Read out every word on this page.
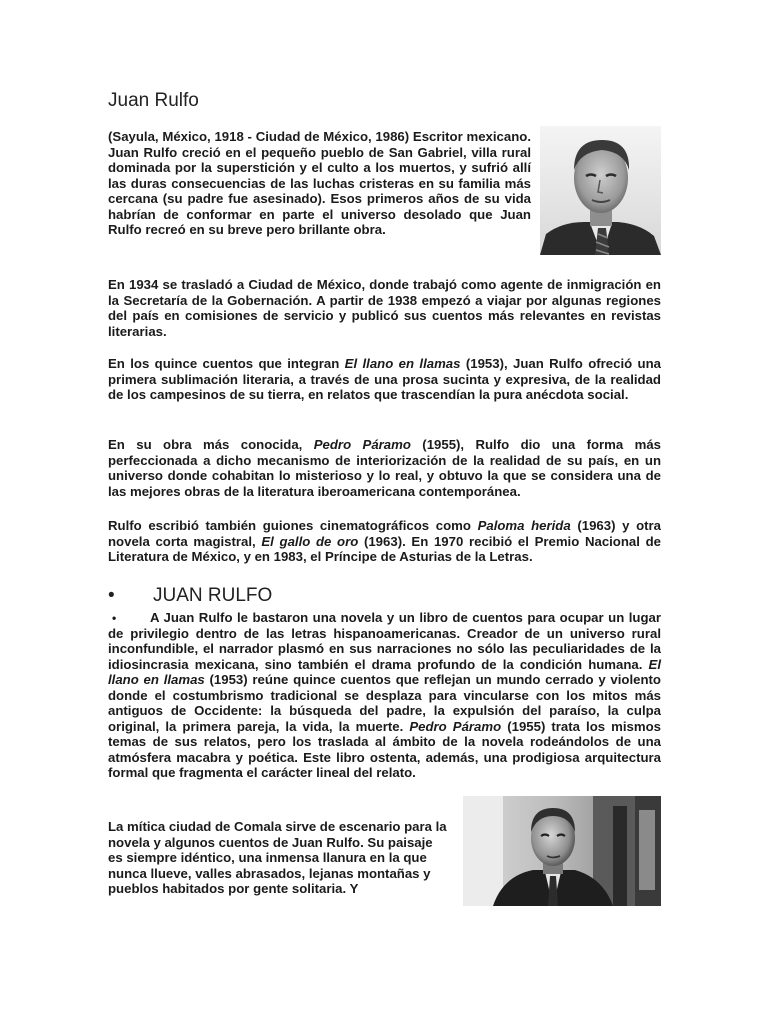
Juan Rulfo

(Sayula, México, 1918 - Ciudad de México, 1986) Escritor mexicano. Juan Rulfo creció en el pequeño pueblo de San Gabriel, villa rural dominada por la superstición y el culto a los muertos, y sufrió allí las duras consecuencias de las luchas cristeras en su familia más cercana (su padre fue asesinado). Esos primeros años de su vida habrían de conformar en parte el universo desolado que Juan Rulfo recreó en su breve pero brillante obra.

En 1934 se trasladó a Ciudad de México, donde trabajó como agente de inmigración en la Secretaría de la Gobernación. A partir de 1938 empezó a viajar por algunas regiones del país en comisiones de servicio y publicó sus cuentos más relevantes en revistas literarias.

En los quince cuentos que integran El llano en llamas (1953), Juan Rulfo ofreció una primera sublimación literaria, a través de una prosa sucinta y expresiva, de la realidad de los campesinos de su tierra, en relatos que trascendían la pura anécdota social.

En su obra más conocida, Pedro Páramo (1955), Rulfo dio una forma más perfeccionada a dicho mecanismo de interiorización de la realidad de su país, en un universo donde cohabitan lo misterioso y lo real, y obtuvo la que se considera una de las mejores obras de la literatura iberoamericana contemporánea.

Rulfo escribió también guiones cinematográficos como Paloma herida (1963) y otra novela corta magistral, El gallo de oro (1963). En 1970 recibió el Premio Nacional de Literatura de México, y en 1983, el Príncipe de Asturias de la Letras.

•	JUAN RULFO

A Juan Rulfo le bastaron una novela y un libro de cuentos para ocupar un lugar de privilegio dentro de las letras hispanoamericanas. Creador de un universo rural inconfundible, el narrador plasmó en sus narraciones no sólo las peculiaridades de la idiosincrasia mexicana, sino también el drama profundo de la condición humana. El llano en llamas (1953) reúne quince cuentos que reflejan un mundo cerrado y violento donde el costumbrismo tradicional se desplaza para vincularse con los mitos más antiguos de Occidente: la búsqueda del padre, la expulsión del paraíso, la culpa original, la primera pareja, la vida, la muerte. Pedro Páramo (1955) trata los mismos temas de sus relatos, pero los traslada al ámbito de la novela rodeándolos de una atmósfera macabra y poética. Este libro ostenta, además, una prodigiosa arquitectura formal que fragmenta el carácter lineal del relato.

•

La mítica ciudad de Comala sirve de escenario para la novela y algunos cuentos de Juan Rulfo. Su paisaje es siempre idéntico, una inmensa llanura en la que nunca llueve, valles abrasados, lejanas montañas y pueblos habitados por gente solitaria. Y
